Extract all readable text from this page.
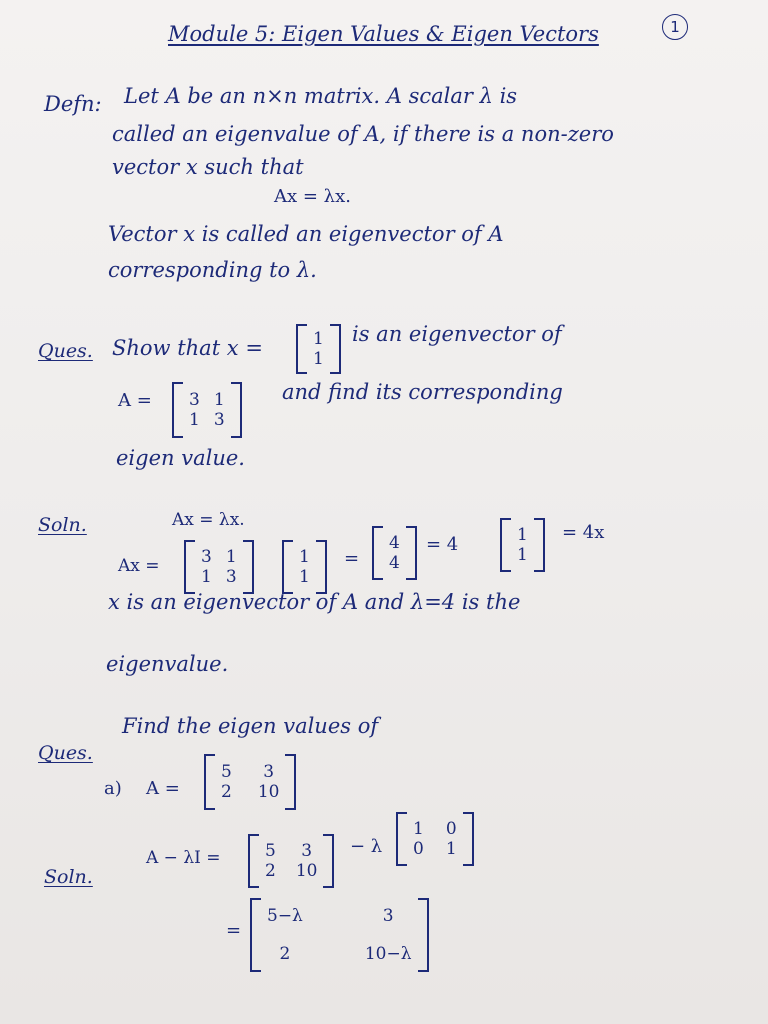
Module 5: Eigen Values & Eigen Vectors	1
Defn: Let A be an n×n matrix. A scalar λ is
called an eigenvalue of A, if there is a non-zero
vector x such that
Ax = λx.
Vector x is called an eigenvector of A
corresponding to λ.
Ques. Show that x =	1
1
is an eigenvector of
A = 3 1
1 3
and find its corresponding
eigen value.
Soln.	Ax = λx.
Ax = 3 1
1 3
1
1
=
4
4
= 4	1
1
= 4x
x is an eigenvector of A and λ=4 is the
eigenvalue.
Ques.
Find the eigen values of
a) A =
5	3
2 10
Soln.
A − λI =	5	3
2 10
− λ
1 0
0 1
=
5−λ	3
2	10−λ
